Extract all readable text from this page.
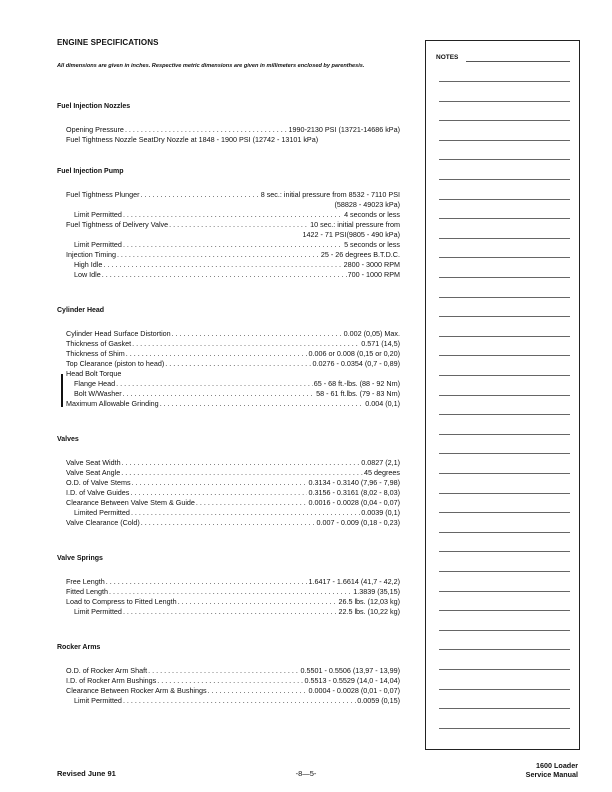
ENGINE SPECIFICATIONS
All dimensions are given in inches. Respective metric dimensions are given in millimeters enclosed by parenthesis.
Fuel Injection Nozzles
Opening Pressure . . .	1990-2130 PSI (13721-14686 kPa)
Fuel Tightness Nozzle SeatDry Nozzle at 1848 - 1900 PSI (12742 - 13101 kPa)
Fuel Injection Pump
Fuel Tightness Plunger . . .	8 sec.: initial pressure from 8532 - 7110 PSI
(58828 - 49023 kPa)
Limit Permitted . . .	4 seconds or less
Fuel Tightness of Delivery Valve . . .	10 sec.: initial pressure from
1422 - 71 PSI(9805 - 490 kPa)
Limit Permitted . . .	5 seconds or less
Injection Timing . . .	25 - 26 degrees B.T.D.C.
High Idle . . .	2800 - 3000 RPM
Low Idle . . .	700 - 1000 RPM
Cylinder Head
Cylinder Head Surface Distortion . . .	0.002 (0,05) Max.
Thickness of Gasket . . .	0.571 (14,5)
Thickness of Shim . . .	0.006 or 0.008 (0,15 or 0,20)
Top Clearance (piston to head) . . .	0.0276 - 0.0354 (0,7 - 0,89)
Head Bolt Torque
Flange Head . . .	65 - 68 ft.-lbs. (88 - 92 Nm)
Bolt W/Washer . . .	58 - 61 ft.lbs. (79 - 83 Nm)
Maximum Allowable Grinding . . .	0.004 (0,1)
Valves
Valve Seat Width . . .	0.0827 (2,1)
Valve Seat Angle . . .	45 degrees
O.D. of Valve Stems . . .	0.3134 - 0.3140 (7,96 - 7,98)
I.D. of Valve Guides . . .	0.3156 - 0.3161 (8,02 - 8,03)
Clearance Between Valve Stem & Guide . . .	0.0016 - 0.0028 (0,04 - 0,07)
Limited Permitted . . .	0.0039 (0,1)
Valve Clearance (Cold) . . .	0.007 - 0.009 (0,18 - 0,23)
Valve Springs
Free Length . . .	1.6417 - 1.6614 (41,7 - 42,2)
Fitted Length . . .	1.3839 (35,15)
Load to Compress to Fitted Length . . .	26.5 lbs. (12,03 kg)
Limit Permitted . . .	22.5 lbs. (10,22 kg)
Rocker Arms
O.D. of Rocker Arm Shaft . . .	0.5501 - 0.5506 (13,97 - 13,99)
I.D. of Rocker Arm Bushings . . .	0.5513 - 0.5529 (14,0 - 14,04)
Clearance Between Rocker Arm & Bushings . . .	0.0004 - 0.0028 (0,01 - 0,07)
Limit Permitted . . .	0.0059 (0,15)
NOTES
Revised June 91	-8—5-
1600 Loader
Service Manual
